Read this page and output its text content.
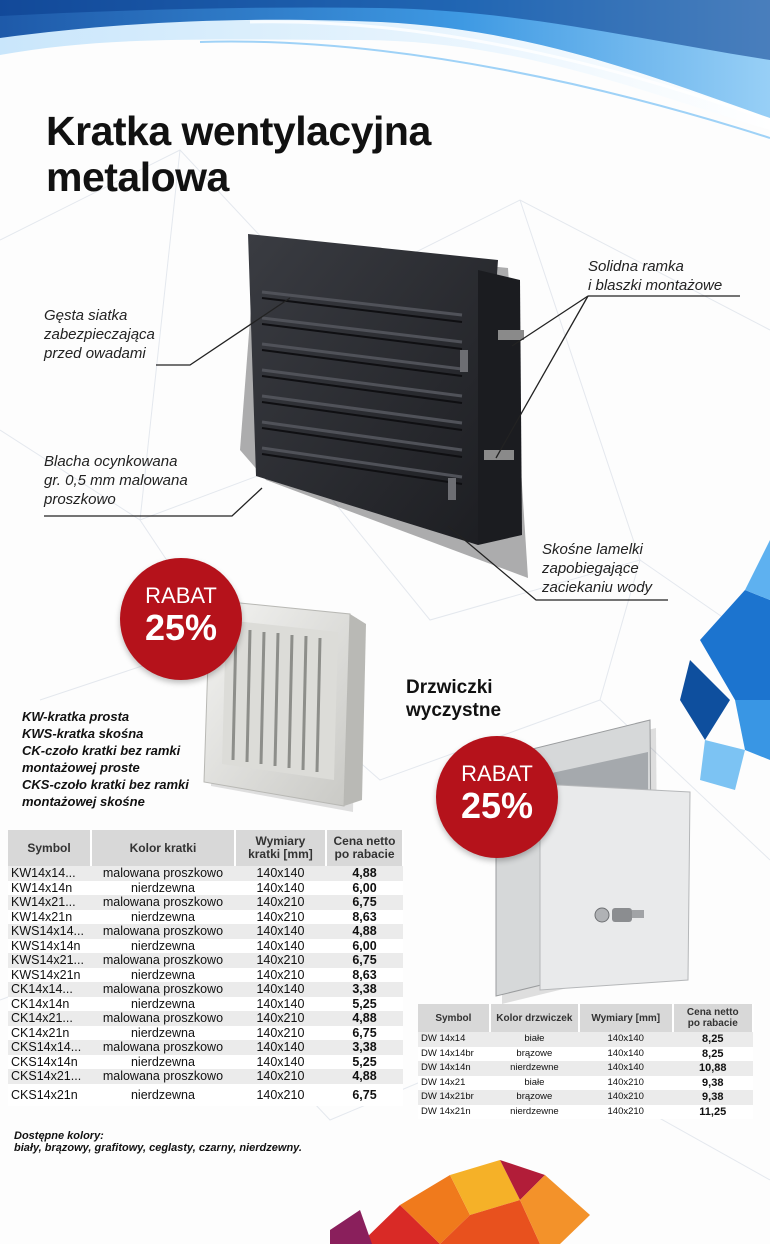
Kratka wentylacyjna
metalowa
Gęsta siatka
zabezpieczająca
przed owadami
Blacha ocynkowana
gr. 0,5 mm malowana
proszkowo
Solidna ramka
i blaszki montażowe
Skośne lamelki
zapobiegające
zaciekaniu wody
RABAT
25%
RABAT
25%
KW-kratka prosta
KWS-kratka skośna
CK-czoło kratki bez ramki
montażowej proste
CKS-czoło kratki bez ramki
montażowej skośne
Drzwiczki
wyczystne
Symbol	Kolor kratki	Wymiary
kratki [mm]	Cena netto
po rabacie
KW14x14...	malowana proszkowo	140x140	4,88
KW14x14n	nierdzewna	140x140	6,00
KW14x21...	malowana proszkowo	140x210	6,75
KW14x21n	nierdzewna	140x210	8,63
KWS14x14...	malowana proszkowo	140x140	4,88
KWS14x14n	nierdzewna	140x140	6,00
KWS14x21...	malowana proszkowo	140x210	6,75
KWS14x21n	nierdzewna	140x210	8,63
CK14x14...	malowana proszkowo	140x140	3,38
CK14x14n	nierdzewna	140x140	5,25
CK14x21...	malowana proszkowo	140x210	4,88
CK14x21n	nierdzewna	140x210	6,75
CKS14x14...	malowana proszkowo	140x140	3,38
CKS14x14n	nierdzewna	140x140	5,25
CKS14x21...	malowana proszkowo	140x210	4,88
CKS14x21n	nierdzewna	140x210	6,75
Symbol	Kolor drzwiczek	Wymiary [mm]	Cena netto
po rabacie
DW 14x14	białe	140x140	8,25
DW 14x14br	brązowe	140x140	8,25
DW 14x14n	nierdzewne	140x140	10,88
DW 14x21	białe	140x210	9,38
DW 14x21br	brązowe	140x210	9,38
DW 14x21n	nierdzewne	140x210	11,25
Dostępne kolory:
biały, brązowy, grafitowy, ceglasty, czarny, nierdzewny.
